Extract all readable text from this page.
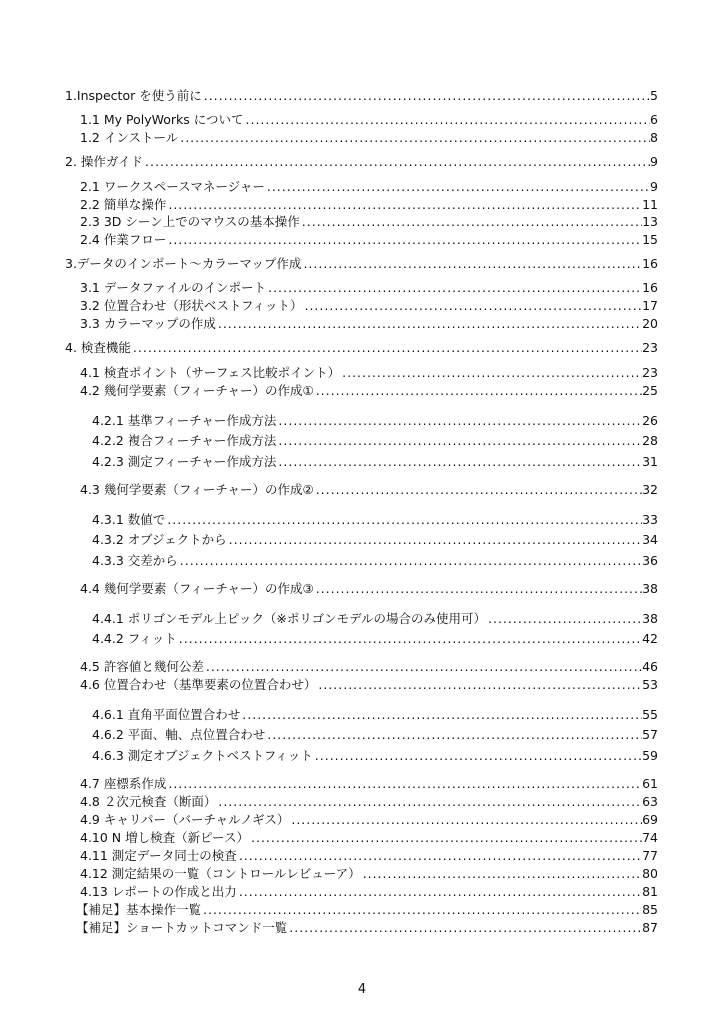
1.Inspector を使う前に .....	5
1.1 My PolyWorks について .....	6
1.2 インストール .....	8
2. 操作ガイド .....	9
2.1 ワークスペースマネージャー .....	9
2.2 簡単な操作 .....	11
2.3 3D シーン上でのマウスの基本操作 .....	13
2.4 作業フロー .....	15
3.データのインポート～カラーマップ作成 .....	16
3.1 データファイルのインポート .....	16
3.2 位置合わせ（形状ベストフィット） .....	17
3.3 カラーマップの作成 .....	20
4. 検査機能 .....	23
4.1 検査ポイント（サーフェス比較ポイント） .....	23
4.2 幾何学要素（フィーチャー）の作成① .....	25
4.2.1 基準フィーチャー作成方法 .....	26
4.2.2 複合フィーチャー作成方法 .....	28
4.2.3 測定フィーチャー作成方法 .....	31
4.3 幾何学要素（フィーチャー）の作成② .....	32
4.3.1 数値で .....	33
4.3.2 オブジェクトから .....	34
4.3.3 交差から .....	36
4.4 幾何学要素（フィーチャー）の作成③ .....	38
4.4.1 ポリゴンモデル上ピック（※ポリゴンモデルの場合のみ使用可） .....	38
4.4.2 フィット .....	42
4.5 許容値と幾何公差 .....	46
4.6 位置合わせ（基準要素の位置合わせ） .....	53
4.6.1 直角平面位置合わせ .....	55
4.6.2 平面、軸、点位置合わせ .....	57
4.6.3 測定オブジェクトベストフィット .....	59
4.7 座標系作成 .....	61
4.8 ２次元検査（断面） .....	63
4.9 キャリパー（バーチャルノギス） .....	69
4.10 N 増し検査（新ピース） .....	74
4.11 測定データ同士の検査 .....	77
4.12 測定結果の一覧（コントロールレビューア） .....	80
4.13 レポートの作成と出力 .....	81
【補足】基本操作一覧 .....	85
【補足】ショートカットコマンド一覧 .....	87
4
